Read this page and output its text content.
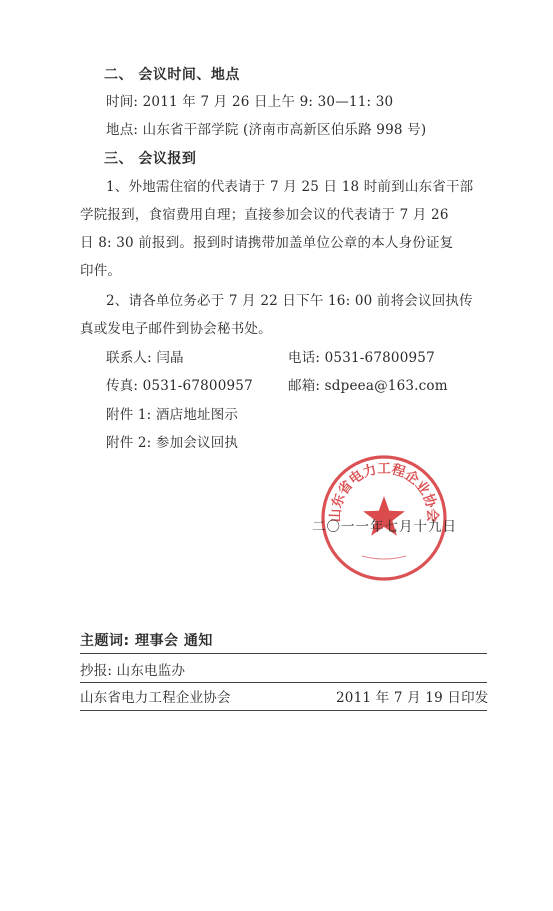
二、 会议时间、地点
时间: 2011 年 7 月 26 日上午 9: 30—11: 30
地点: 山东省干部学院 (济南市高新区伯乐路 998 号)
三、 会议报到
1、外地需住宿的代表请于 7 月 25 日 18 时前到山东省干部
学院报到，食宿费用自理；直接参加会议的代表请于 7 月 26
日 8: 30 前报到。报到时请携带加盖单位公章的本人身份证复
印件。
2、请各单位务必于 7 月 22 日下午 16: 00 前将会议回执传
真或发电子邮件到协会秘书处。
联系人: 闫晶	电话: 0531-67800957
传真: 0531-67800957	邮箱: sdpeea@163.com
附件 1: 酒店地址图示
附件 2: 参加会议回执
山东省电力工程企业协会
二〇一一年七月十九日
主题词: 理事会 通知
抄报: 山东电监办
山东省电力工程企业协会	2011 年 7 月 19 日印发
